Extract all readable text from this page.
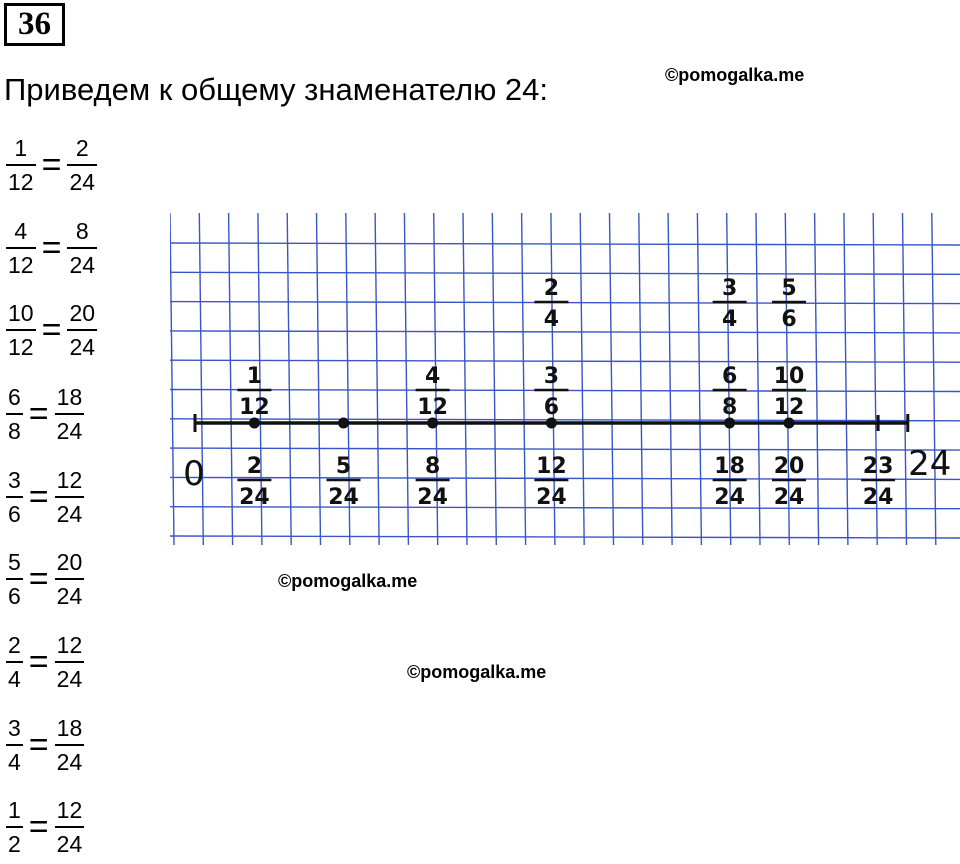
36
Приведем к общему знаменателю 24:	©pomogalka.me
©pomogalka.me
©pomogalka.me
$\frac{1}{12} = \frac{2}{24}$
$\frac{4}{12} = \frac{8}{24}$
$\frac{10}{12} = \frac{20}{24}$
$\frac{6}{8} = \frac{18}{24}$
$\frac{3}{6} = \frac{12}{24}$
$\frac{5}{6} = \frac{20}{24}$
$\frac{2}{4} = \frac{12}{24}$
$\frac{3}{4} = \frac{18}{24}$
$\frac{1}{2} = \frac{12}{24}$
0	24
2
24
1
12
5
24
8
24
4
12
12
24
3
6
2
4
18
24
6
8
3
4
20
24
10
12
5
6
23
24
